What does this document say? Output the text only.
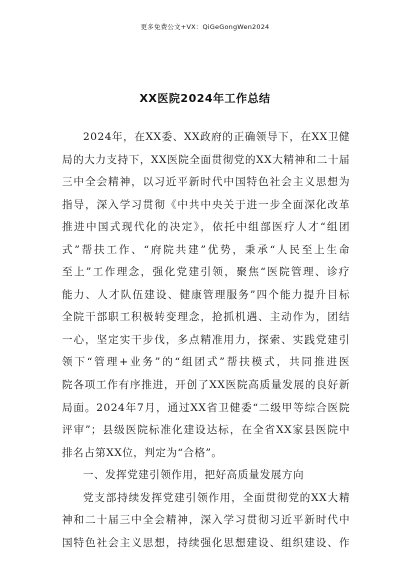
更多免费公文+VX：QiGeGongWen2024
XX医院2024年工作总结
2024年，在XX委、XX政府的正确领导下，在XX卫健
局的大力支持下，XX医院全面贯彻党的XX大精神和二十届
三中全会精神，以习近平新时代中国特色社会主义思想为
指导，深入学习贯彻《中共中央关于进一步全面深化改革
推进中国式现代化的决定》，依托中组部医疗人才“组团
式”帮扶工作、“府院共建”优势，秉承“人民至上生命
至上”工作理念，强化党建引领，聚焦“医院管理、诊疗
能力、人才队伍建设、健康管理服务”四个能力提升目标
全院干部职工积极转变理念，抢抓机遇、主动作为，团结
一心，坚定实干步伐，多点精准用力，探索、实践党建引
领下“管理+业务”的“组团式”帮扶模式，共同推进医
院各项工作有序推进，开创了XX医院高质量发展的良好新
局面。2024年7月，通过XX省卫健委“二级甲等综合医院
评审”；县级医院标准化建设达标，在全省XX家县医院中
排名占第XX位，判定为“合格”。
一、发挥党建引领作用，把好高质量发展方向
党支部持续发挥党建引领作用，全面贯彻党的XX大精
神和二十届三中全会精神，深入学习贯彻习近平新时代中
国特色社会主义思想，持续强化思想建设、组织建设、作
